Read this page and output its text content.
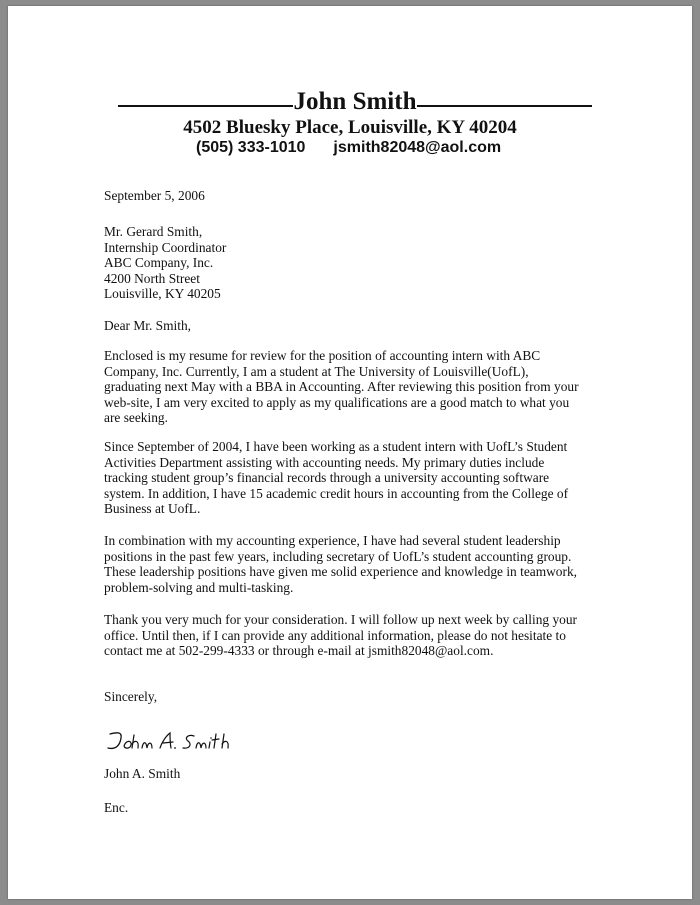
John Smith
4502 Bluesky Place, Louisville, KY 40204
(505) 333-1010 jsmith82048@aol.com
September 5, 2006
Mr. Gerard Smith,
Internship Coordinator
ABC Company, Inc.
4200 North Street
Louisville, KY 40205
Dear Mr. Smith,
Enclosed is my resume for review for the position of accounting intern with ABC
Company, Inc. Currently, I am a student at The University of Louisville(UofL),
graduating next May with a BBA in Accounting. After reviewing this position from your
web-site, I am very excited to apply as my qualifications are a good match to what you
are seeking.
Since September of 2004, I have been working as a student intern with UofL’s Student
Activities Department assisting with accounting needs. My primary duties include
tracking student group’s financial records through a university accounting software
system. In addition, I have 15 academic credit hours in accounting from the College of
Business at UofL.
In combination with my accounting experience, I have had several student leadership
positions in the past few years, including secretary of UofL’s student accounting group.
These leadership positions have given me solid experience and knowledge in teamwork,
problem-solving and multi-tasking.
Thank you very much for your consideration. I will follow up next week by calling your
office. Until then, if I can provide any additional information, please do not hesitate to
contact me at 502-299-4333 or through e-mail at jsmith82048@aol.com.
Sincerely,
John A. Smith
Enc.
